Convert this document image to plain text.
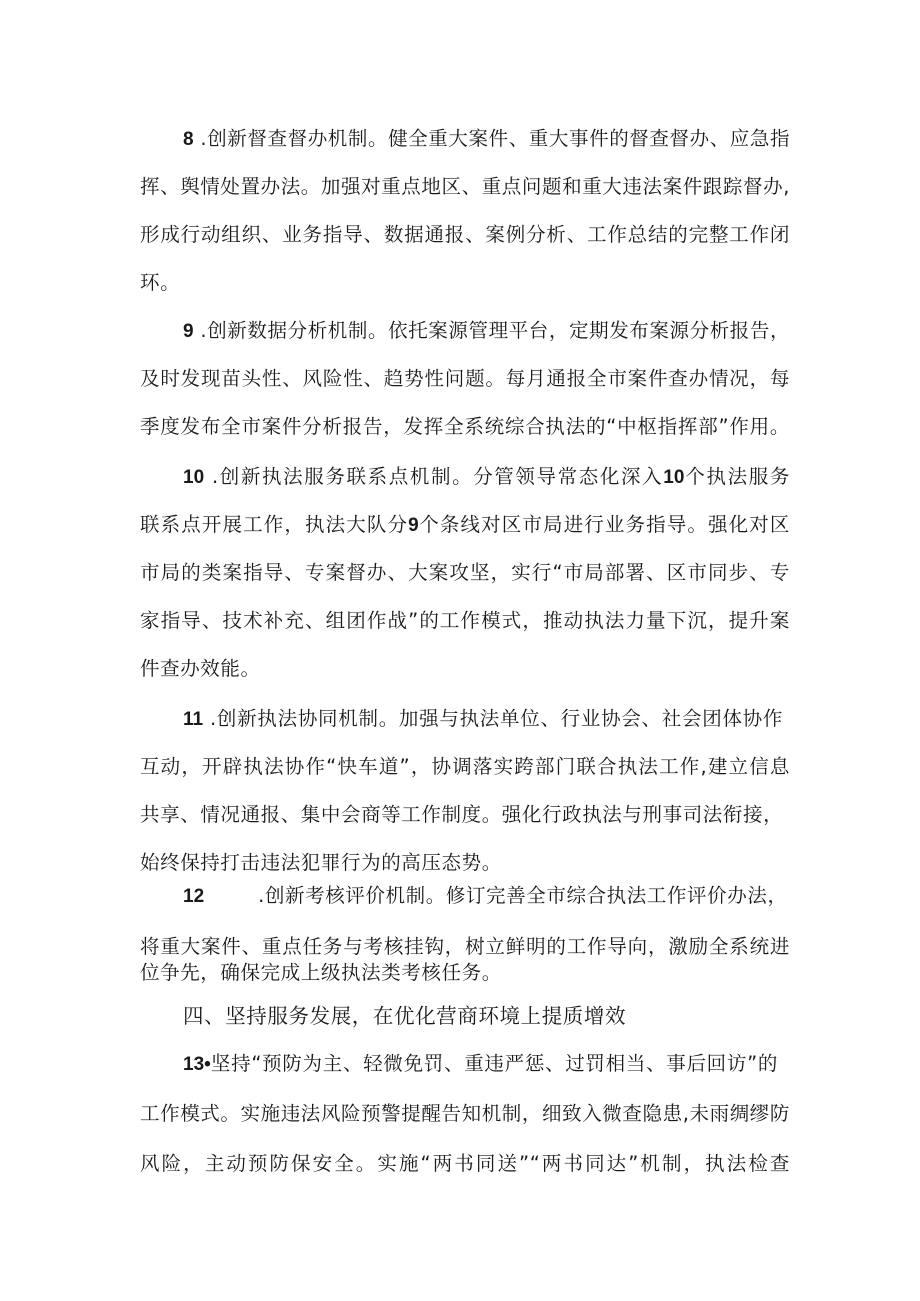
8 .创新督查督办机制。健全重大案件、重大事件的督查督办、应急指
挥、舆情处置办法。加强对重点地区、重点问题和重大违法案件跟踪督办,
形成行动组织、业务指导、数据通报、案例分析、工作总结的完整工作闭
环。
9 .创新数据分析机制。依托案源管理平台，定期发布案源分析报告，
及时发现苗头性、风险性、趋势性问题。每月通报全市案件查办情况，每
季度发布全市案件分析报告，发挥全系统综合执法的“中枢指挥部”作用。
10 .创新执法服务联系点机制。分管领导常态化深入10个执法服务
联系点开展工作，执法大队分9个条线对区市局进行业务指导。强化对区
市局的类案指导、专案督办、大案攻坚，实行“市局部署、区市同步、专
家指导、技术补充、组团作战”的工作模式，推动执法力量下沉，提升案
件查办效能。
11 .创新执法协同机制。加强与执法单位、行业协会、社会团体协作
互动，开辟执法协作“快车道”，协调落实跨部门联合执法工作,建立信息
共享、情况通报、集中会商等工作制度。强化行政执法与刑事司法衔接，
始终保持打击违法犯罪行为的高压态势。
12	.创新考核评价机制。修订完善全市综合执法工作评价办法，
将重大案件、重点任务与考核挂钩，树立鲜明的工作导向，激励全系统进
位争先，确保完成上级执法类考核任务。
四、坚持服务发展，在优化营商环境上提质增效
13•坚持“预防为主、轻微免罚、重违严惩、过罚相当、事后回访”的
工作模式。实施违法风险预警提醒告知机制，细致入微查隐患,未雨绸缪防
风险，主动预防保安全。实施“两书同送”“两书同达”机制，执法检查
